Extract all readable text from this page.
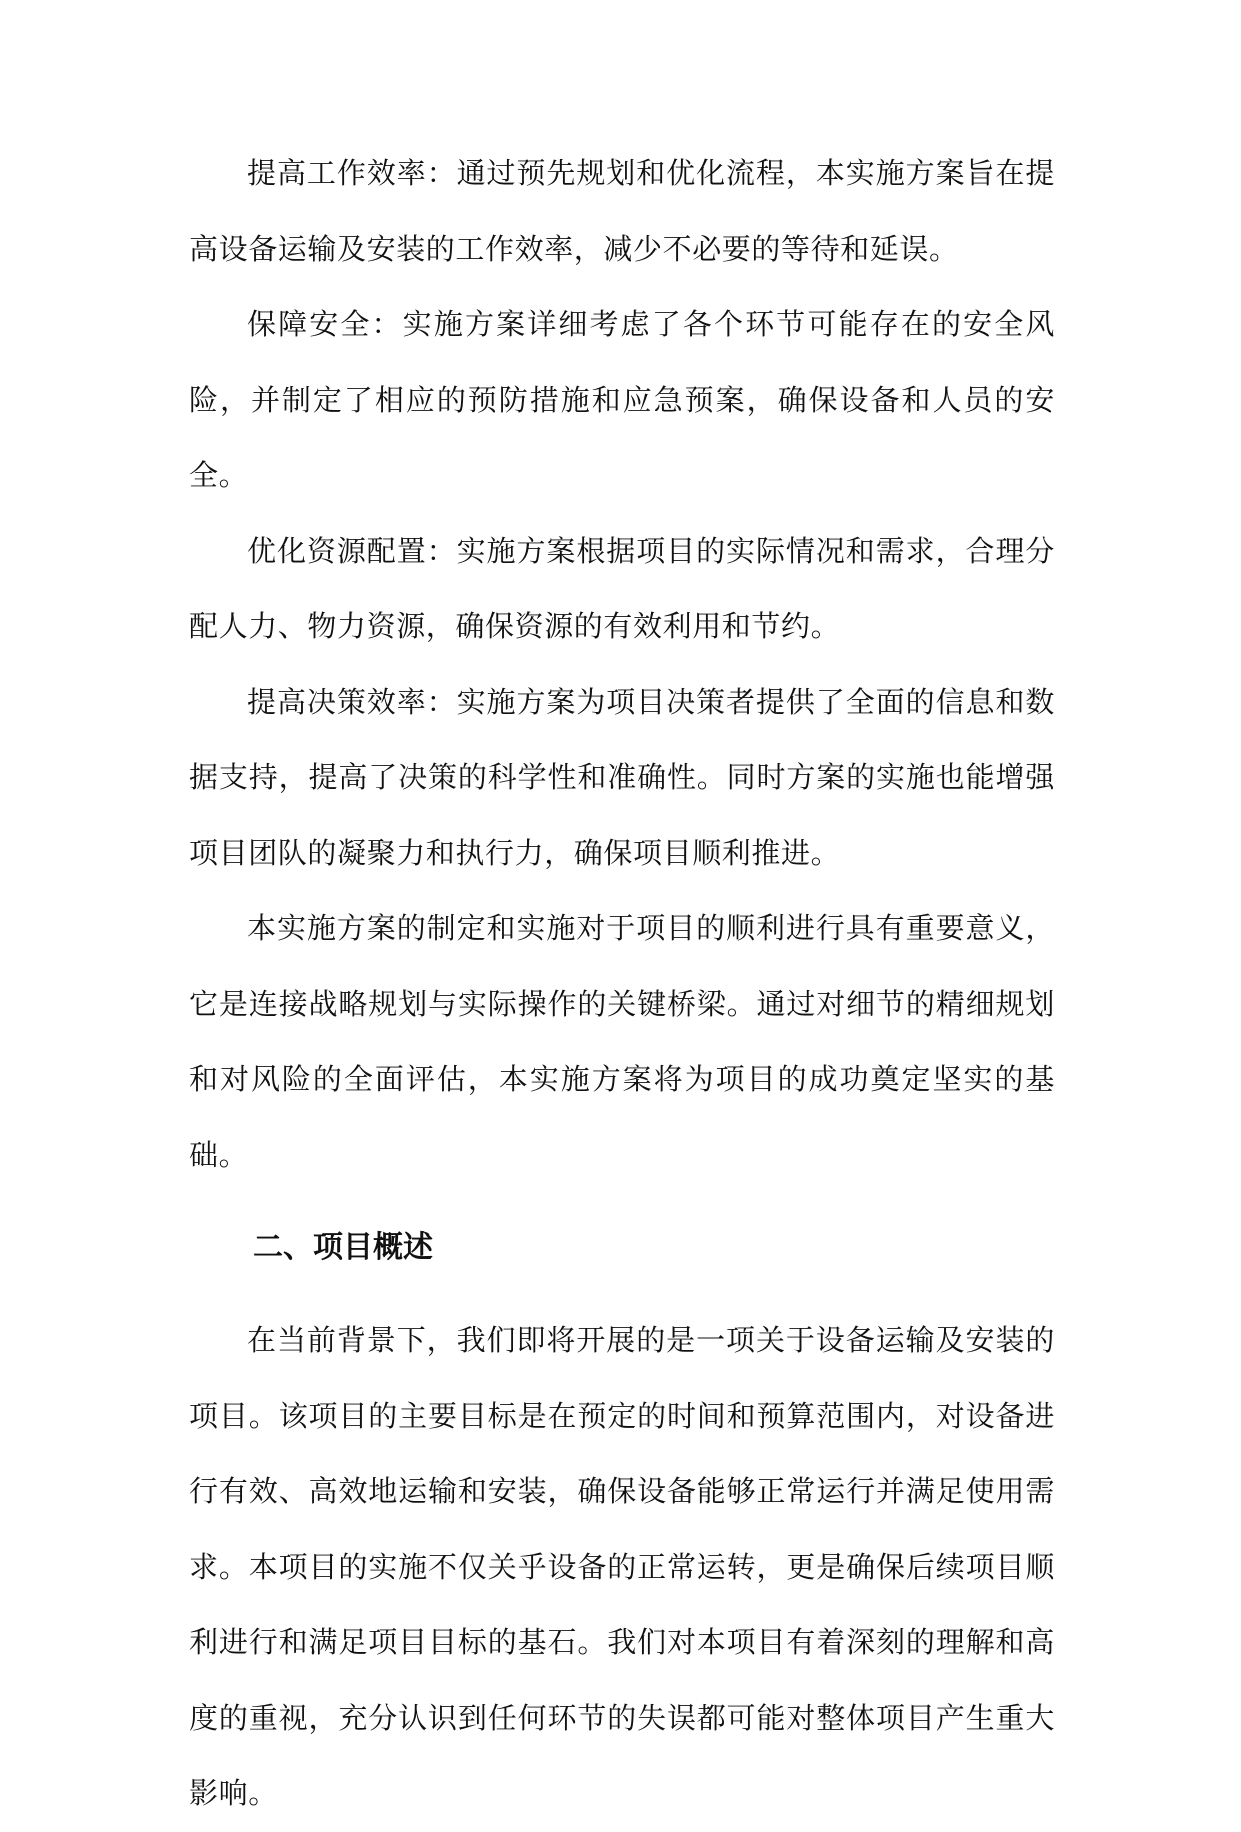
提高工作效率：通过预先规划和优化流程，本实施方案旨在提高设备运输及安装的工作效率，减少不必要的等待和延误。

保障安全：实施方案详细考虑了各个环节可能存在的安全风险，并制定了相应的预防措施和应急预案，确保设备和人员的安全。

优化资源配置：实施方案根据项目的实际情况和需求，合理分配人力、物力资源，确保资源的有效利用和节约。

提高决策效率：实施方案为项目决策者提供了全面的信息和数据支持，提高了决策的科学性和准确性。同时方案的实施也能增强项目团队的凝聚力和执行力，确保项目顺利推进。

本实施方案的制定和实施对于项目的顺利进行具有重要意义，它是连接战略规划与实际操作的关键桥梁。通过对细节的精细规划和对风险的全面评估，本实施方案将为项目的成功奠定坚实的基础。

二、项目概述

在当前背景下，我们即将开展的是一项关于设备运输及安装的项目。该项目的主要目标是在预定的时间和预算范围内，对设备进行有效、高效地运输和安装，确保设备能够正常运行并满足使用需求。本项目的实施不仅关乎设备的正常运转，更是确保后续项目顺利进行和满足项目目标的基石。我们对本项目有着深刻的理解和高度的重视，充分认识到任何环节的失误都可能对整体项目产生重大影响。
